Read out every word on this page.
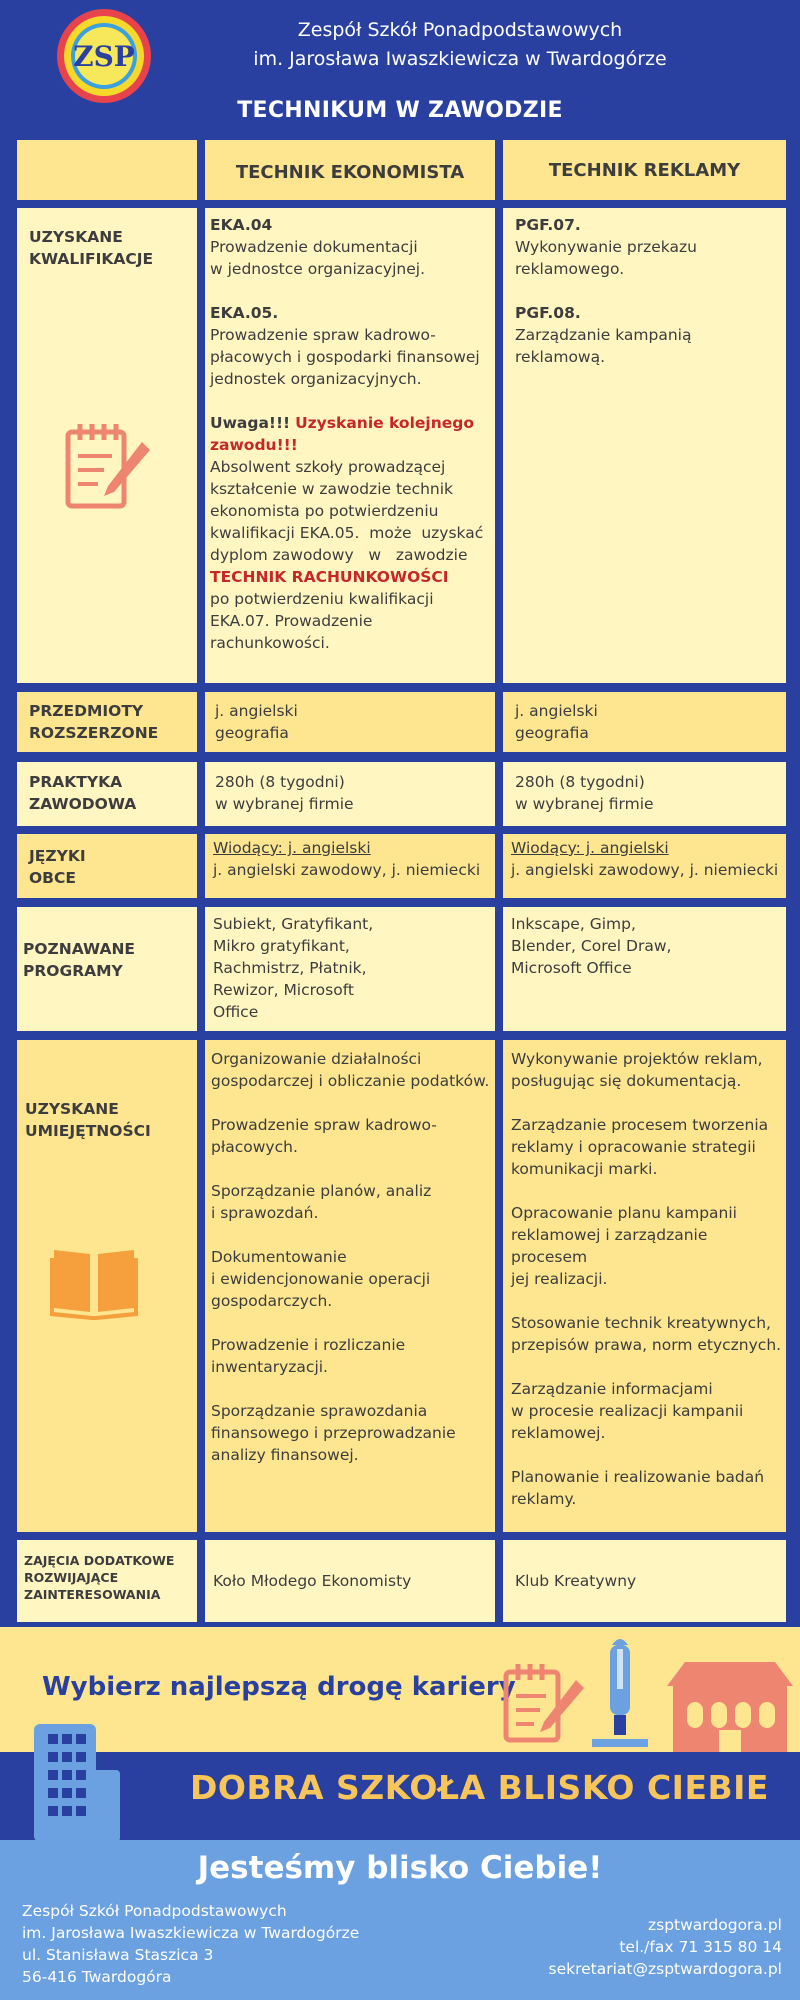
ZSP
Zespół Szkół Ponadpodstawowych
im. Jarosława Iwaszkiewicza w Twardogórze
TECHNIKUM W ZAWODZIE
TECHNIK EKONOMISTA	TECHNIK REKLAMY
UZYSKANE
KWALIFIKACJE
EKA.04
Prowadzenie dokumentacji
w jednostce organizacyjnej.
EKA.05.
Prowadzenie spraw kadrowo-
płacowych i gospodarki finansowej
jednostek organizacyjnych.
Uwaga!!! Uzyskanie kolejnego
zawodu!!!
Absolwent szkoły prowadzącej
kształcenie w zawodzie technik
ekonomista po potwierdzeniu
kwalifikacji EKA.05.  może  uzyskać
dyplom zawodowy   w   zawodzie
TECHNIK RACHUNKOWOŚCI
po potwierdzeniu kwalifikacji
EKA.07. Prowadzenie
rachunkowości.
PGF.07.
Wykonywanie przekazu
reklamowego.
PGF.08.
Zarządzanie kampanią reklamową.
PRZEDMIOTY
ROZSZERZONE
j. angielski
geografia
j. angielski
geografia
PRAKTYKA
ZAWODOWA
280h (8 tygodni)
w wybranej firmie
280h (8 tygodni)
w wybranej firmie
JĘZYKI
OBCE
Wiodący: j. angielski
j. angielski zawodowy, j. niemiecki
Wiodący: j. angielski
j. angielski zawodowy, j. niemiecki
POZNAWANE
PROGRAMY
Subiekt, Gratyfikant,
Mikro gratyfikant,
Rachmistrz, Płatnik,
Rewizor, Microsoft
Office
Inkscape, Gimp,
Blender, Corel Draw,
Microsoft Office
UZYSKANE
UMIEJĘTNOŚCI
Organizowanie działalności
gospodarczej i obliczanie podatków.
Prowadzenie spraw kadrowo-
płacowych.
Sporządzanie planów, analiz
i sprawozdań.
Dokumentowanie
i ewidencjonowanie operacji
gospodarczych.
Prowadzenie i rozliczanie
inwentaryzacji.
Sporządzanie sprawozdania
finansowego i przeprowadzanie
analizy finansowej.
Wykonywanie projektów reklam,
posługując się dokumentacją.
Zarządzanie procesem tworzenia
reklamy i opracowanie strategii
komunikacji marki.
Opracowanie planu kampanii
reklamowej i zarządzanie procesem
jej realizacji.
Stosowanie technik kreatywnych,
przepisów prawa, norm etycznych.
Zarządzanie informacjami
w procesie realizacji kampanii
reklamowej.
Planowanie i realizowanie badań
reklamy.
ZAJĘCIA DODATKOWE
ROZWIJAJĄCE
ZAINTERESOWANIA
Koło Młodego Ekonomisty	Klub Kreatywny
Wybierz najlepszą drogę kariery
DOBRA SZKOŁA BLISKO CIEBIE
Jesteśmy blisko Ciebie!
Zespół Szkół Ponadpodstawowych
im. Jarosława Iwaszkiewicza w Twardogórze
ul. Stanisława Staszica 3
56-416 Twardogóra
zsptwardogora.pl
tel./fax 71 315 80 14
sekretariat@zsptwardogora.pl
